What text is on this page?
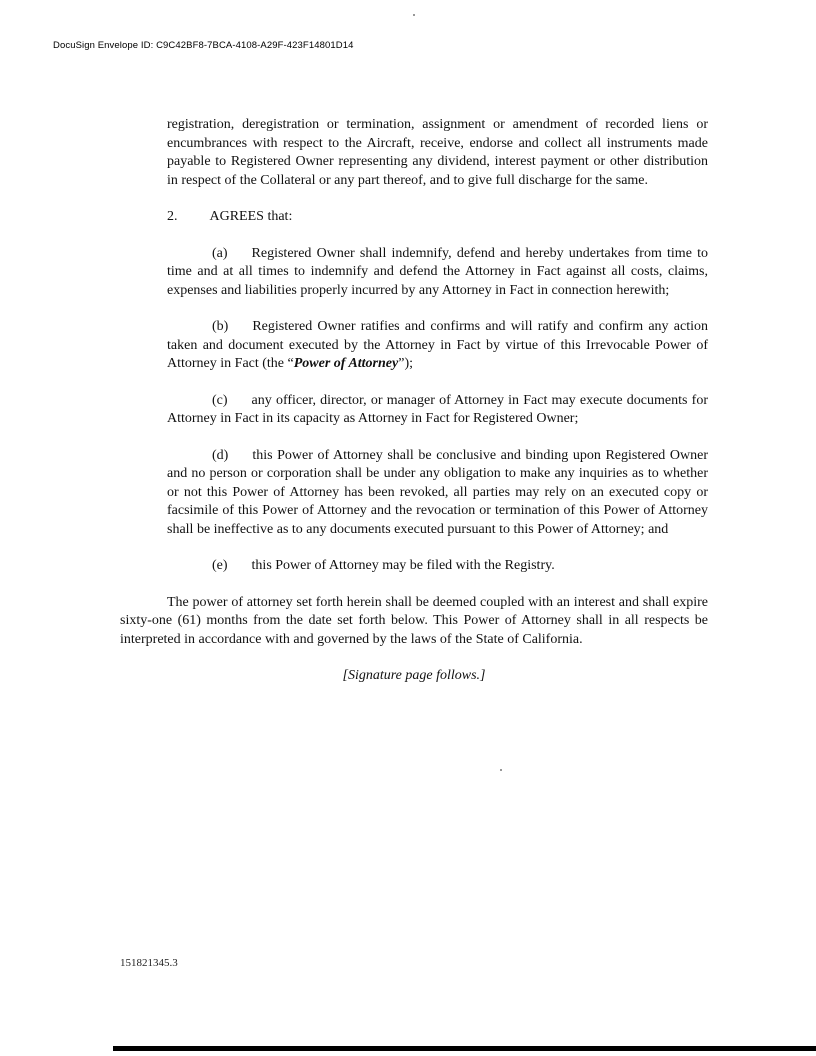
DocuSign Envelope ID: C9C42BF8-7BCA-4108-A29F-423F14801D14

registration, deregistration or termination, assignment or amendment of recorded liens or encumbrances with respect to the Aircraft, receive, endorse and collect all instruments made payable to Registered Owner representing any dividend, interest payment or other distribution in respect of the Collateral or any part thereof, and to give full discharge for the same.

2. AGREES that:

(a) Registered Owner shall indemnify, defend and hereby undertakes from time to time and at all times to indemnify and defend the Attorney in Fact against all costs, claims, expenses and liabilities properly incurred by any Attorney in Fact in connection herewith;

(b) Registered Owner ratifies and confirms and will ratify and confirm any action taken and document executed by the Attorney in Fact by virtue of this Irrevocable Power of Attorney in Fact (the “Power of Attorney”);

(c) any officer, director, or manager of Attorney in Fact may execute documents for Attorney in Fact in its capacity as Attorney in Fact for Registered Owner;

(d) this Power of Attorney shall be conclusive and binding upon Registered Owner and no person or corporation shall be under any obligation to make any inquiries as to whether or not this Power of Attorney has been revoked, all parties may rely on an executed copy or facsimile of this Power of Attorney and the revocation or termination of this Power of Attorney shall be ineffective as to any documents executed pursuant to this Power of Attorney; and

(e) this Power of Attorney may be filed with the Registry.

The power of attorney set forth herein shall be deemed coupled with an interest and shall expire sixty-one (61) months from the date set forth below. This Power of Attorney shall in all respects be interpreted in accordance with and governed by the laws of the State of California.

[Signature page follows.]

151821345.3
